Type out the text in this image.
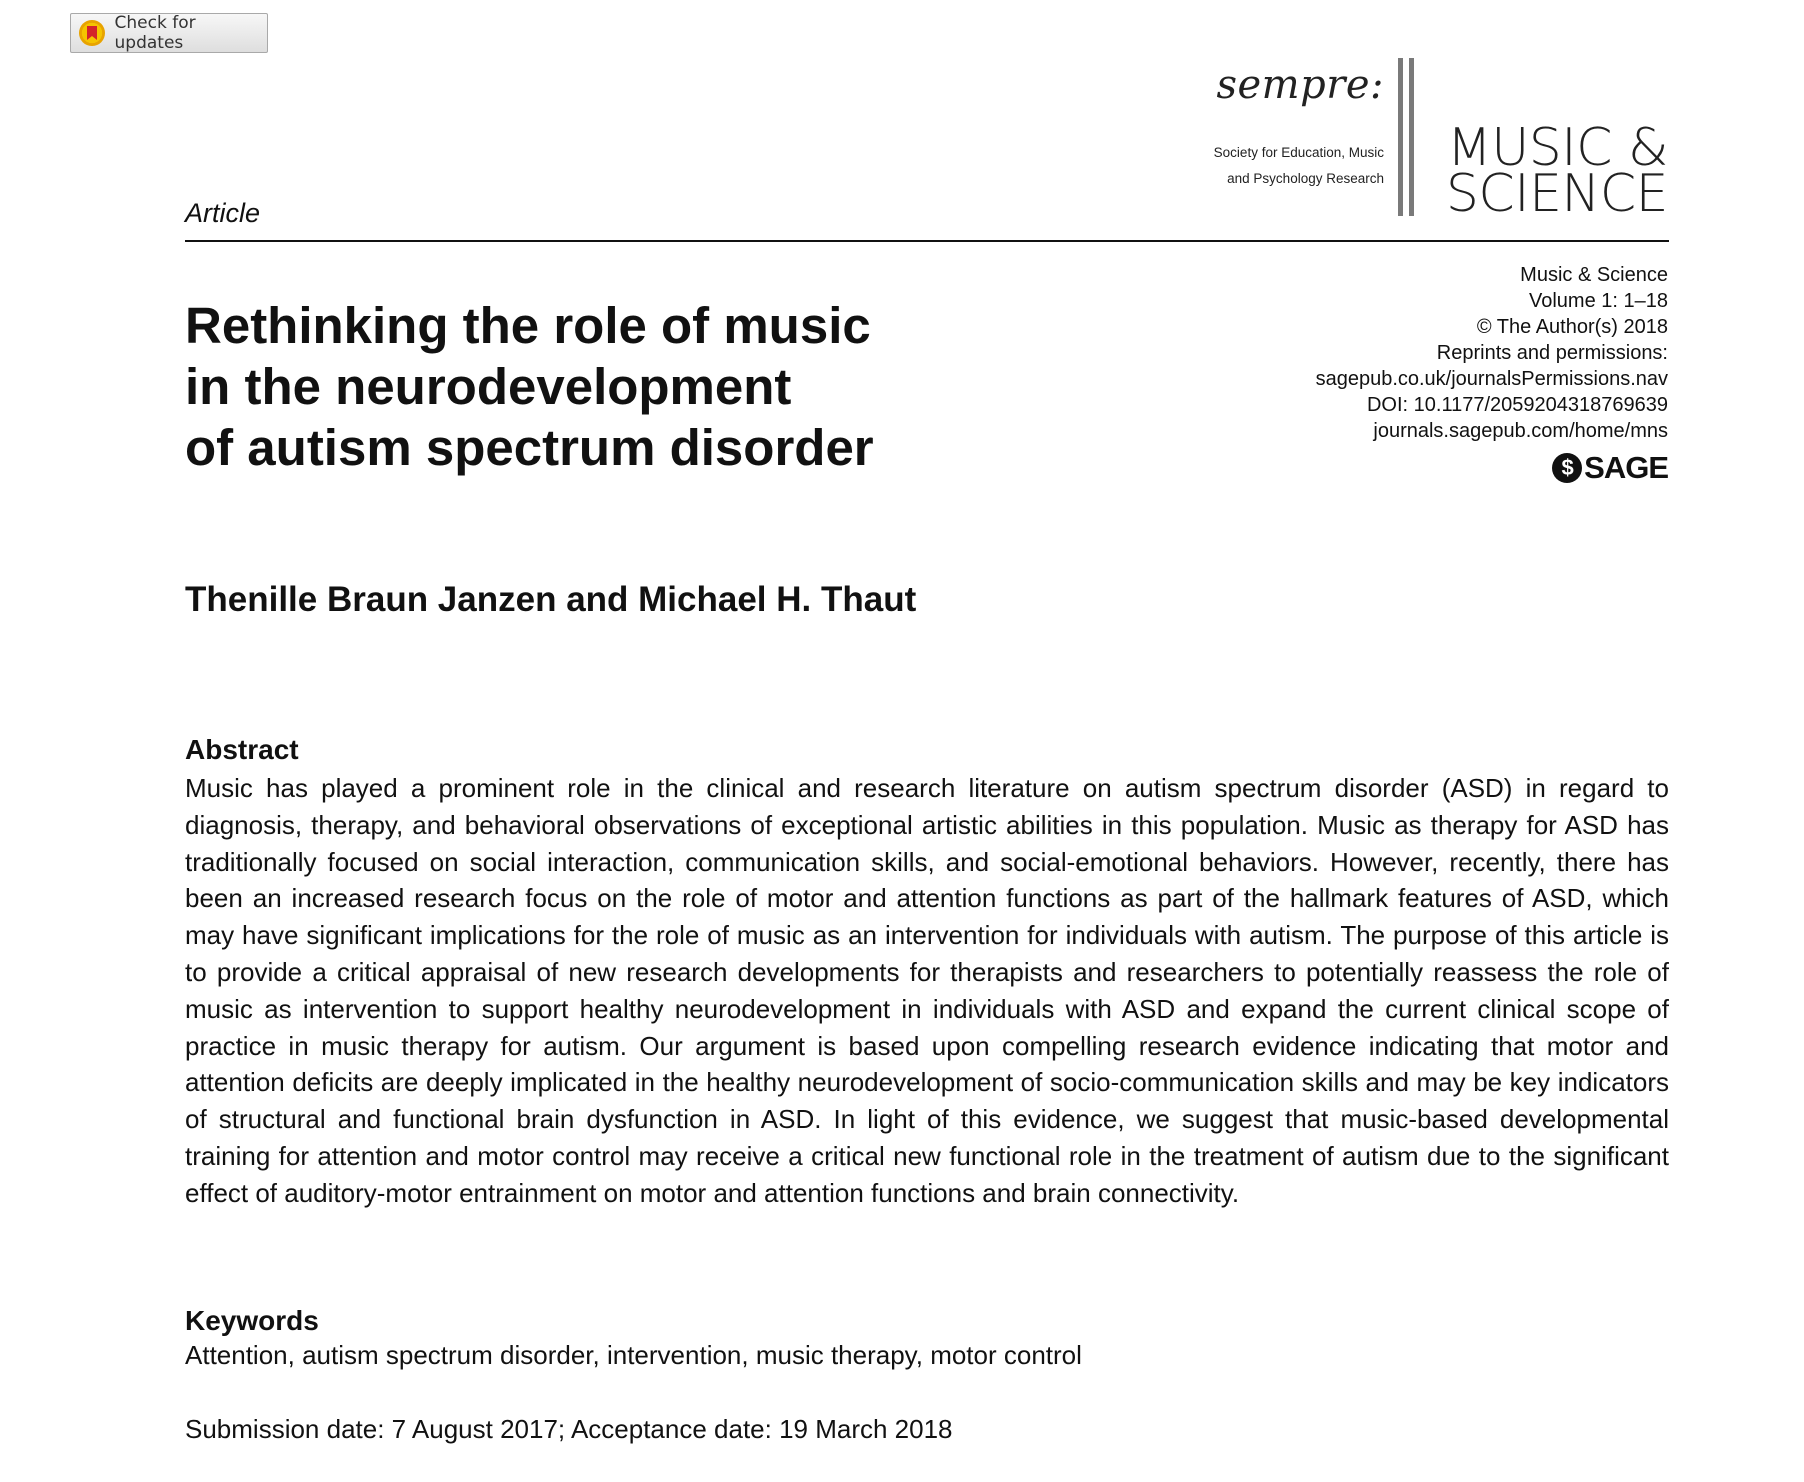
Check for updates
sempre:
Society for Education, Music
and Psychology Research
MUSIC &
SCIENCE
Article
Music & Science
Volume 1: 1–18
© The Author(s) 2018
Reprints and permissions:
sagepub.co.uk/journalsPermissions.nav
DOI: 10.1177/2059204318769639
journals.sagepub.com/home/mns
$ SAGE
Rethinking the role of music
in the neurodevelopment
of autism spectrum disorder
Thenille Braun Janzen and Michael H. Thaut
Abstract
Music has played a prominent role in the clinical and research literature on autism spectrum disorder (ASD) in regard to diagnosis, therapy, and behavioral observations of exceptional artistic abilities in this population. Music as therapy for ASD has traditionally focused on social interaction, communication skills, and social-emotional behaviors. However, recently, there has been an increased research focus on the role of motor and attention functions as part of the hallmark features of ASD, which may have significant implications for the role of music as an intervention for individuals with autism. The purpose of this article is to provide a critical appraisal of new research developments for therapists and researchers to potentially reassess the role of music as intervention to support healthy neurodevelopment in individuals with ASD and expand the current clinical scope of practice in music therapy for autism. Our argument is based upon compelling research evidence indicating that motor and attention deficits are deeply implicated in the healthy neurodevelopment of socio-communication skills and may be key indicators of structural and functional brain dysfunction in ASD. In light of this evidence, we suggest that music-based developmental training for attention and motor control may receive a critical new functional role in the treatment of autism due to the significant effect of auditory-motor entrainment on motor and attention functions and brain connectivity.
Keywords
Attention, autism spectrum disorder, intervention, music therapy, motor control
Submission date: 7 August 2017; Acceptance date: 19 March 2018
